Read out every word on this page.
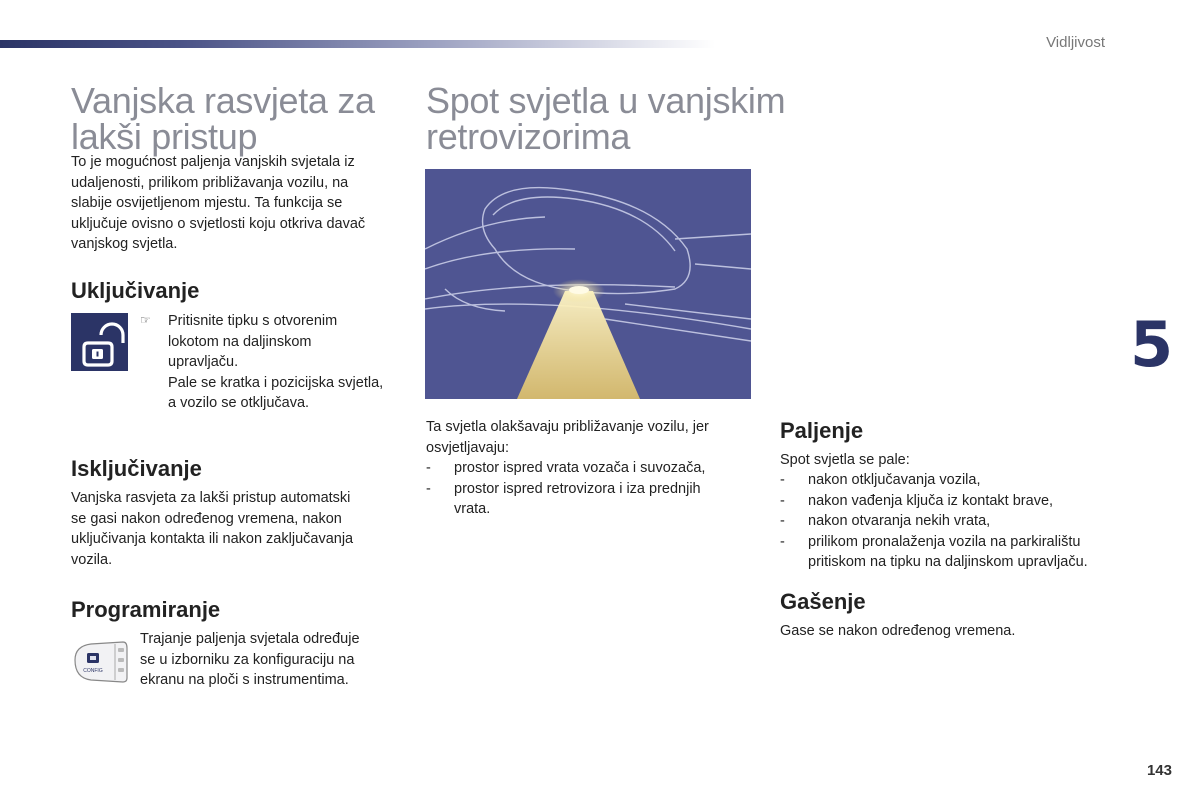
Vidljivost
Vanjska rasvjeta za
lakši pristup

To je mogućnost paljenja vanjskih svjetala iz
udaljenosti, prilikom približavanja vozilu, na
slabije osvijetljenom mjestu. Ta funkcija se
uključuje ovisno o svjetlosti koju otkriva davač
vanjskog svjetla.

Uključivanje
☞ Pritisnite tipku s otvorenim
lokotom na daljinskom
upravljaču.
Pale se kratka i pozicijska svjetla,
a vozilo se otključava.

Isključivanje

Vanjska rasvjeta za lakši pristup automatski
se gasi nakon određenog vremena, nakon
uključivanja kontakta ili nakon zaključavanja
vozila.

Programiranje
CONFIG

Trajanje paljenja svjetala određuje
se u izborniku za konfiguraciju na
ekranu na ploči s instrumentima.

Spot svjetla u vanjskim
retrovizorima

Ta svjetla olakšavaju približavanje vozilu, jer
osvjetljavaju:

- prostor ispred vrata vozača i suvozača,
- prostor ispred retrovizora i iza prednjih
vrata.
Paljenje

Spot svjetla se pale:

- nakon otključavanja vozila,
- nakon vađenja ključa iz kontakt brave,
- nakon otvaranja nekih vrata,
- prilikom pronalaženja vozila na parkiralištu
pritiskom na tipku na daljinskom upravljaču.
Gašenje

Gase se nakon određenog vremena.

5
143
